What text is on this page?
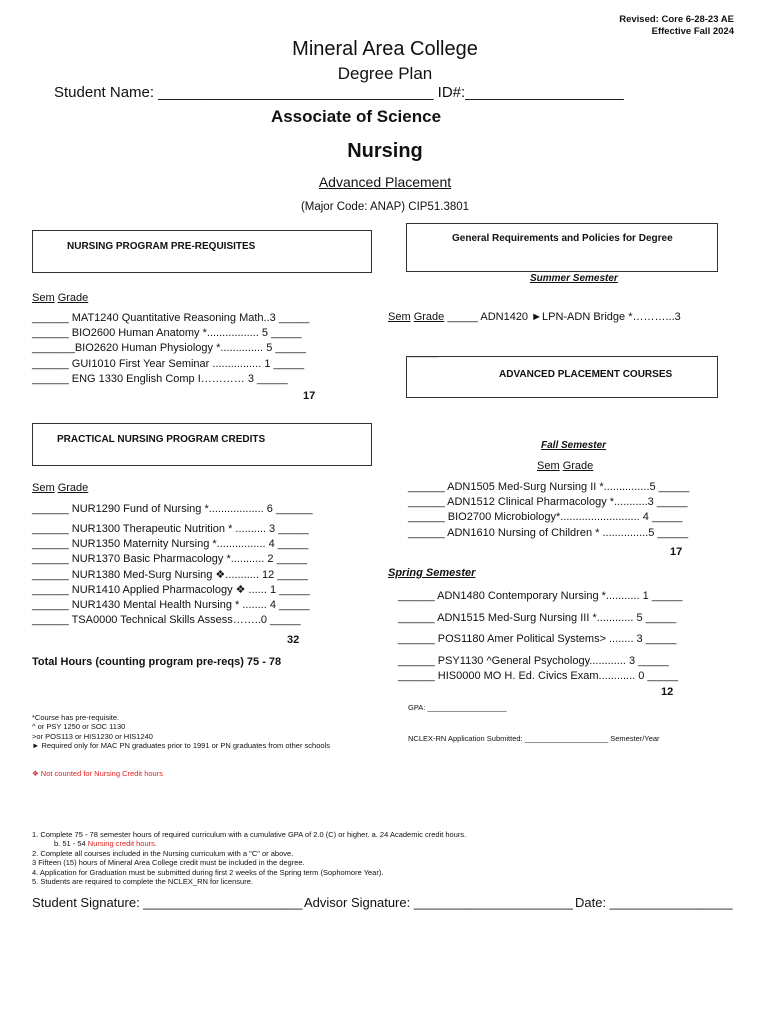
Revised: Core 6-28-23 AE
Effective Fall 2024
Mineral Area College
Degree Plan
Student Name: _________________________________ ID#:___________________
Associate of Science
Nursing
Advanced Placement
(Major Code: ANAP) CIP51.3801
NURSING PROGRAM PRE-REQUISITES
Sem Grade
______ MAT1240 Quantitative Reasoning Math..3 _____
______ BIO2600 Human Anatomy *................. 5 _____
_______BIO2620 Human Physiology *.............. 5 _____
______ GUI1010 First Year Seminar ................ 1 _____
______ ENG 1330 English Comp I………… 3 _____
17
PRACTICAL NURSING PROGRAM CREDITS
Sem Grade
______ NUR1290 Fund of Nursing *.................. 6 ______
______ NUR1300 Therapeutic Nutrition * .......... 3 _____
______ NUR1350 Maternity Nursing *................ 4 _____
______ NUR1370 Basic Pharmacology *........... 2 _____
______ NUR1380 Med-Surg Nursing ❖........... 12 _____
______ NUR1410 Applied Pharmacology ❖ ...... 1 _____
______ NUR1430 Mental Health Nursing * ........ 4 _____
______ TSA0000 Technical Skills Assess……..0 _____
32
Total Hours (counting program pre-reqs) 75 - 78
*Course has pre-requisite.
^ or PSY 1250 or SOC 1130
>or POS113 or HIS1230 or HIS1240
► Required only for MAC PN graduates prior to 1991 or PN graduates from other schools
❖ Not counted for Nursing Credit hours
General Requirements and Policies for Degree
Summer Semester
Sem Grade _____ ADN1420 ►LPN-ADN Bridge *………...3
_____
ADVANCED PLACEMENT COURSES
Fall Semester
Sem Grade
______ ADN1505 Med-Surg Nursing II *...............5 _____
______ ADN1512 Clinical Pharmacology *...........3 _____
______ BIO2700 Microbiology*.......................... 4 _____
______ ADN1610 Nursing of Children * ...............5 _____
17
Spring Semester
______ ADN1480 Contemporary Nursing *........... 1 _____
______ ADN1515 Med-Surg Nursing III *............ 5 _____
______ POS1180 Amer Political Systems> ........ 3 _____
______ PSY1130 ^General Psychology............ 3 _____
______ HIS0000 MO H. Ed. Civics Exam............ 0 _____
12
GPA: ___________________
NCLEX-RN Application Submitted: ____________________ Semester/Year
1. Complete 75 - 78 semester hours of required curriculum with a cumulative GPA of 2.0 (C) or higher. a. 24 Academic credit hours.
b. 51 - 54 Nursing credit hours.
2. Complete all courses included in the Nursing curriculum with a "C" or above.
3 Fifteen (15) hours of Mineral Area College credit must be included in the degree.
4. Application for Graduation must be submitted during first 2 weeks of the Spring term (Sophomore Year).
5. Students are required to complete the NCLEX_RN for licensure.
Student Signature: ______________________ Advisor Signature: ______________________ Date: _________________
